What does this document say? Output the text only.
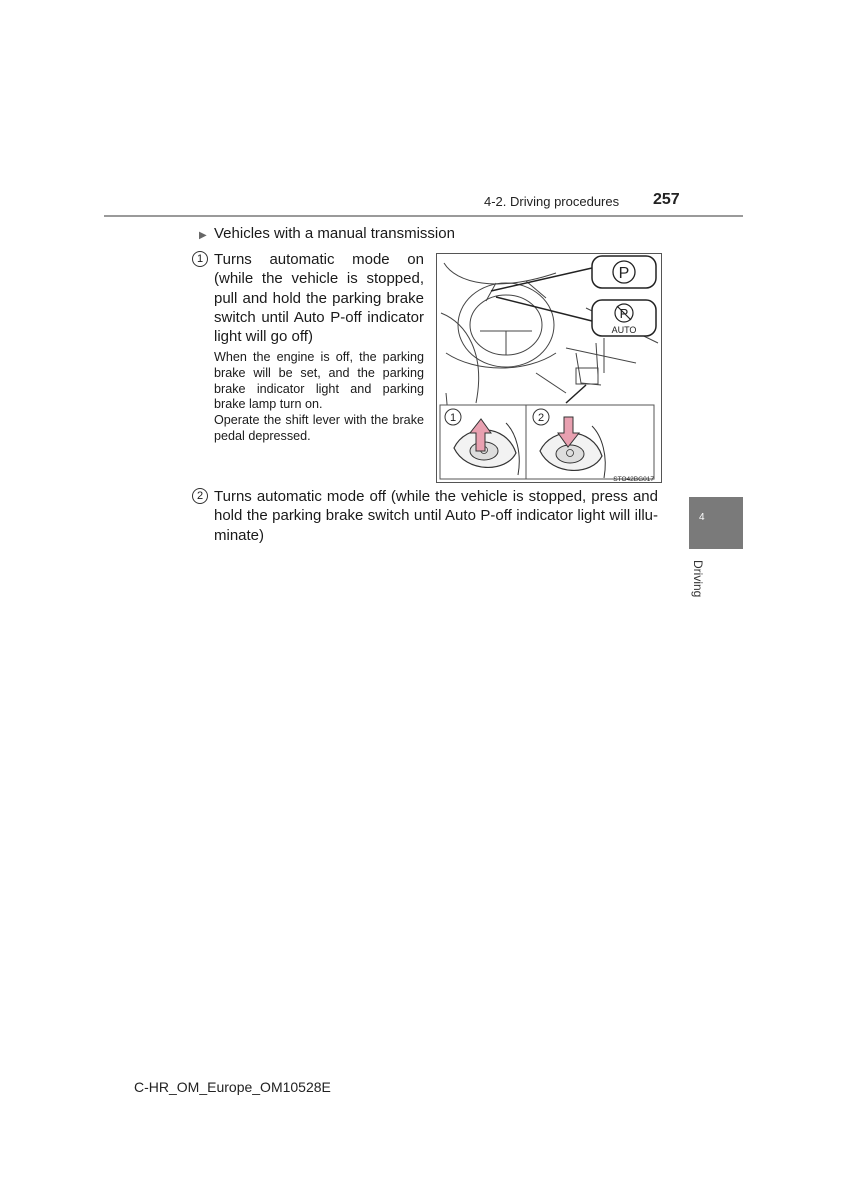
4-2. Driving procedures 257
▶ Vehicles with a manual transmission
1 Turns automatic mode on (while the vehicle is stopped, pull and hold the parking brake switch until Auto P-off indicator light will go off)
When the engine is off, the parking brake will be set, and the parking brake indicator light and parking brake lamp turn on.
Operate the shift lever with the brake pedal depressed.
P
P
AUTO
1	2
STO42BG017
2 Turns automatic mode off (while the vehicle is stopped, press and hold the parking brake switch until Auto P-off indicator light will illu-minate)
4
Driving
C-HR_OM_Europe_OM10528E
